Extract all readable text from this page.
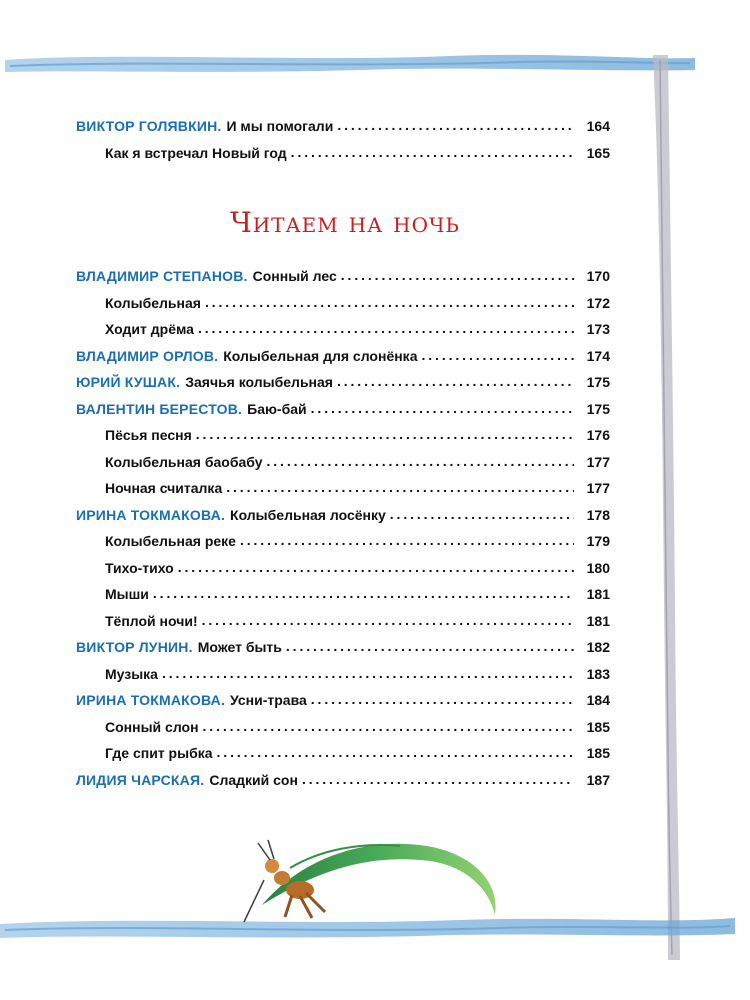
ВИКТОР ГОЛЯВКИН. И мы помогали . . .	164
Как я встречал Новый год . . .	165
Читаем на ночь
ВЛАДИМИР СТЕПАНОВ. Сонный лес . . .	170
Колыбельная . . .	172
Ходит дрёма . . .	173
ВЛАДИМИР ОРЛОВ. Колыбельная для слонёнка . . .	174
ЮРИЙ КУШАК. Заячья колыбельная . . .	175
ВАЛЕНТИН БЕРЕСТОВ. Баю-бай . . .	175
Пёсья песня . . .	176
Колыбельная баобабу . . .	177
Ночная считалка . . .	177
ИРИНА ТОКМАКОВА. Колыбельная лосёнку . . .	178
Колыбельная реке . . .	179
Тихо-тихо . . .	180
Мыши . . .	181
Тёплой ночи! . . .	181
ВИКТОР ЛУНИН. Может быть . . .	182
Музыка . . .	183
ИРИНА ТОКМАКОВА. Усни-трава . . .	184
Сонный слон . . .	185
Где спит рыбка . . .	185
ЛИДИЯ ЧАРСКАЯ. Сладкий сон . . .	187
